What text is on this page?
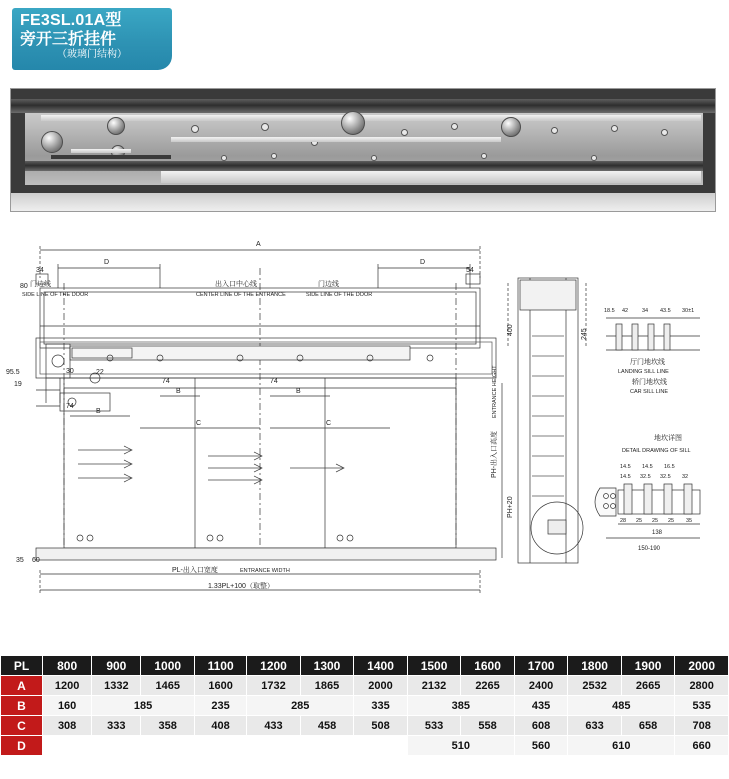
FE3SL.01A型
旁开三折挂件
（玻璃门结构）
A
D	D
B	B
B
C	C
80
54
34
95.5
19
30	22
74	74
74
35 60
门边线
SIDE LINE OF THE DOOR
出入口中心线
CENTER LINE OF THE ENTRANCE
门边线
SIDE LINE OF THE DOOR
PL-出入口宽度	ENTRANCE WIDTH
1.33PL+100（取整）
400	245
PH-出入口高度
ENTRANCE HEIGHT
PH+20
厅门地坎线
LANDING SILL LINE
轿门地坎线
CAR SILL LINE
地坎详图
DETAIL DRAWING OF SILL
18.5 42	34 43.5 30±1
14.5 32.5 32.5 32
14.5 14.5 16.5
28 25 25 25 35
138
150-190
PL	800	900	1000	1100	1200	1300	1400	1500	1600	1700	1800	1900	2000
A	1200	1332	1465	1600	1732	1865	2000	2132	2265	2400	2532	2665	2800
B	160	185		235	285		335	385		435	485		535
C	308	333	358	408	433	458	508	533	558	608	633	658	708
D								510		560	610		660
